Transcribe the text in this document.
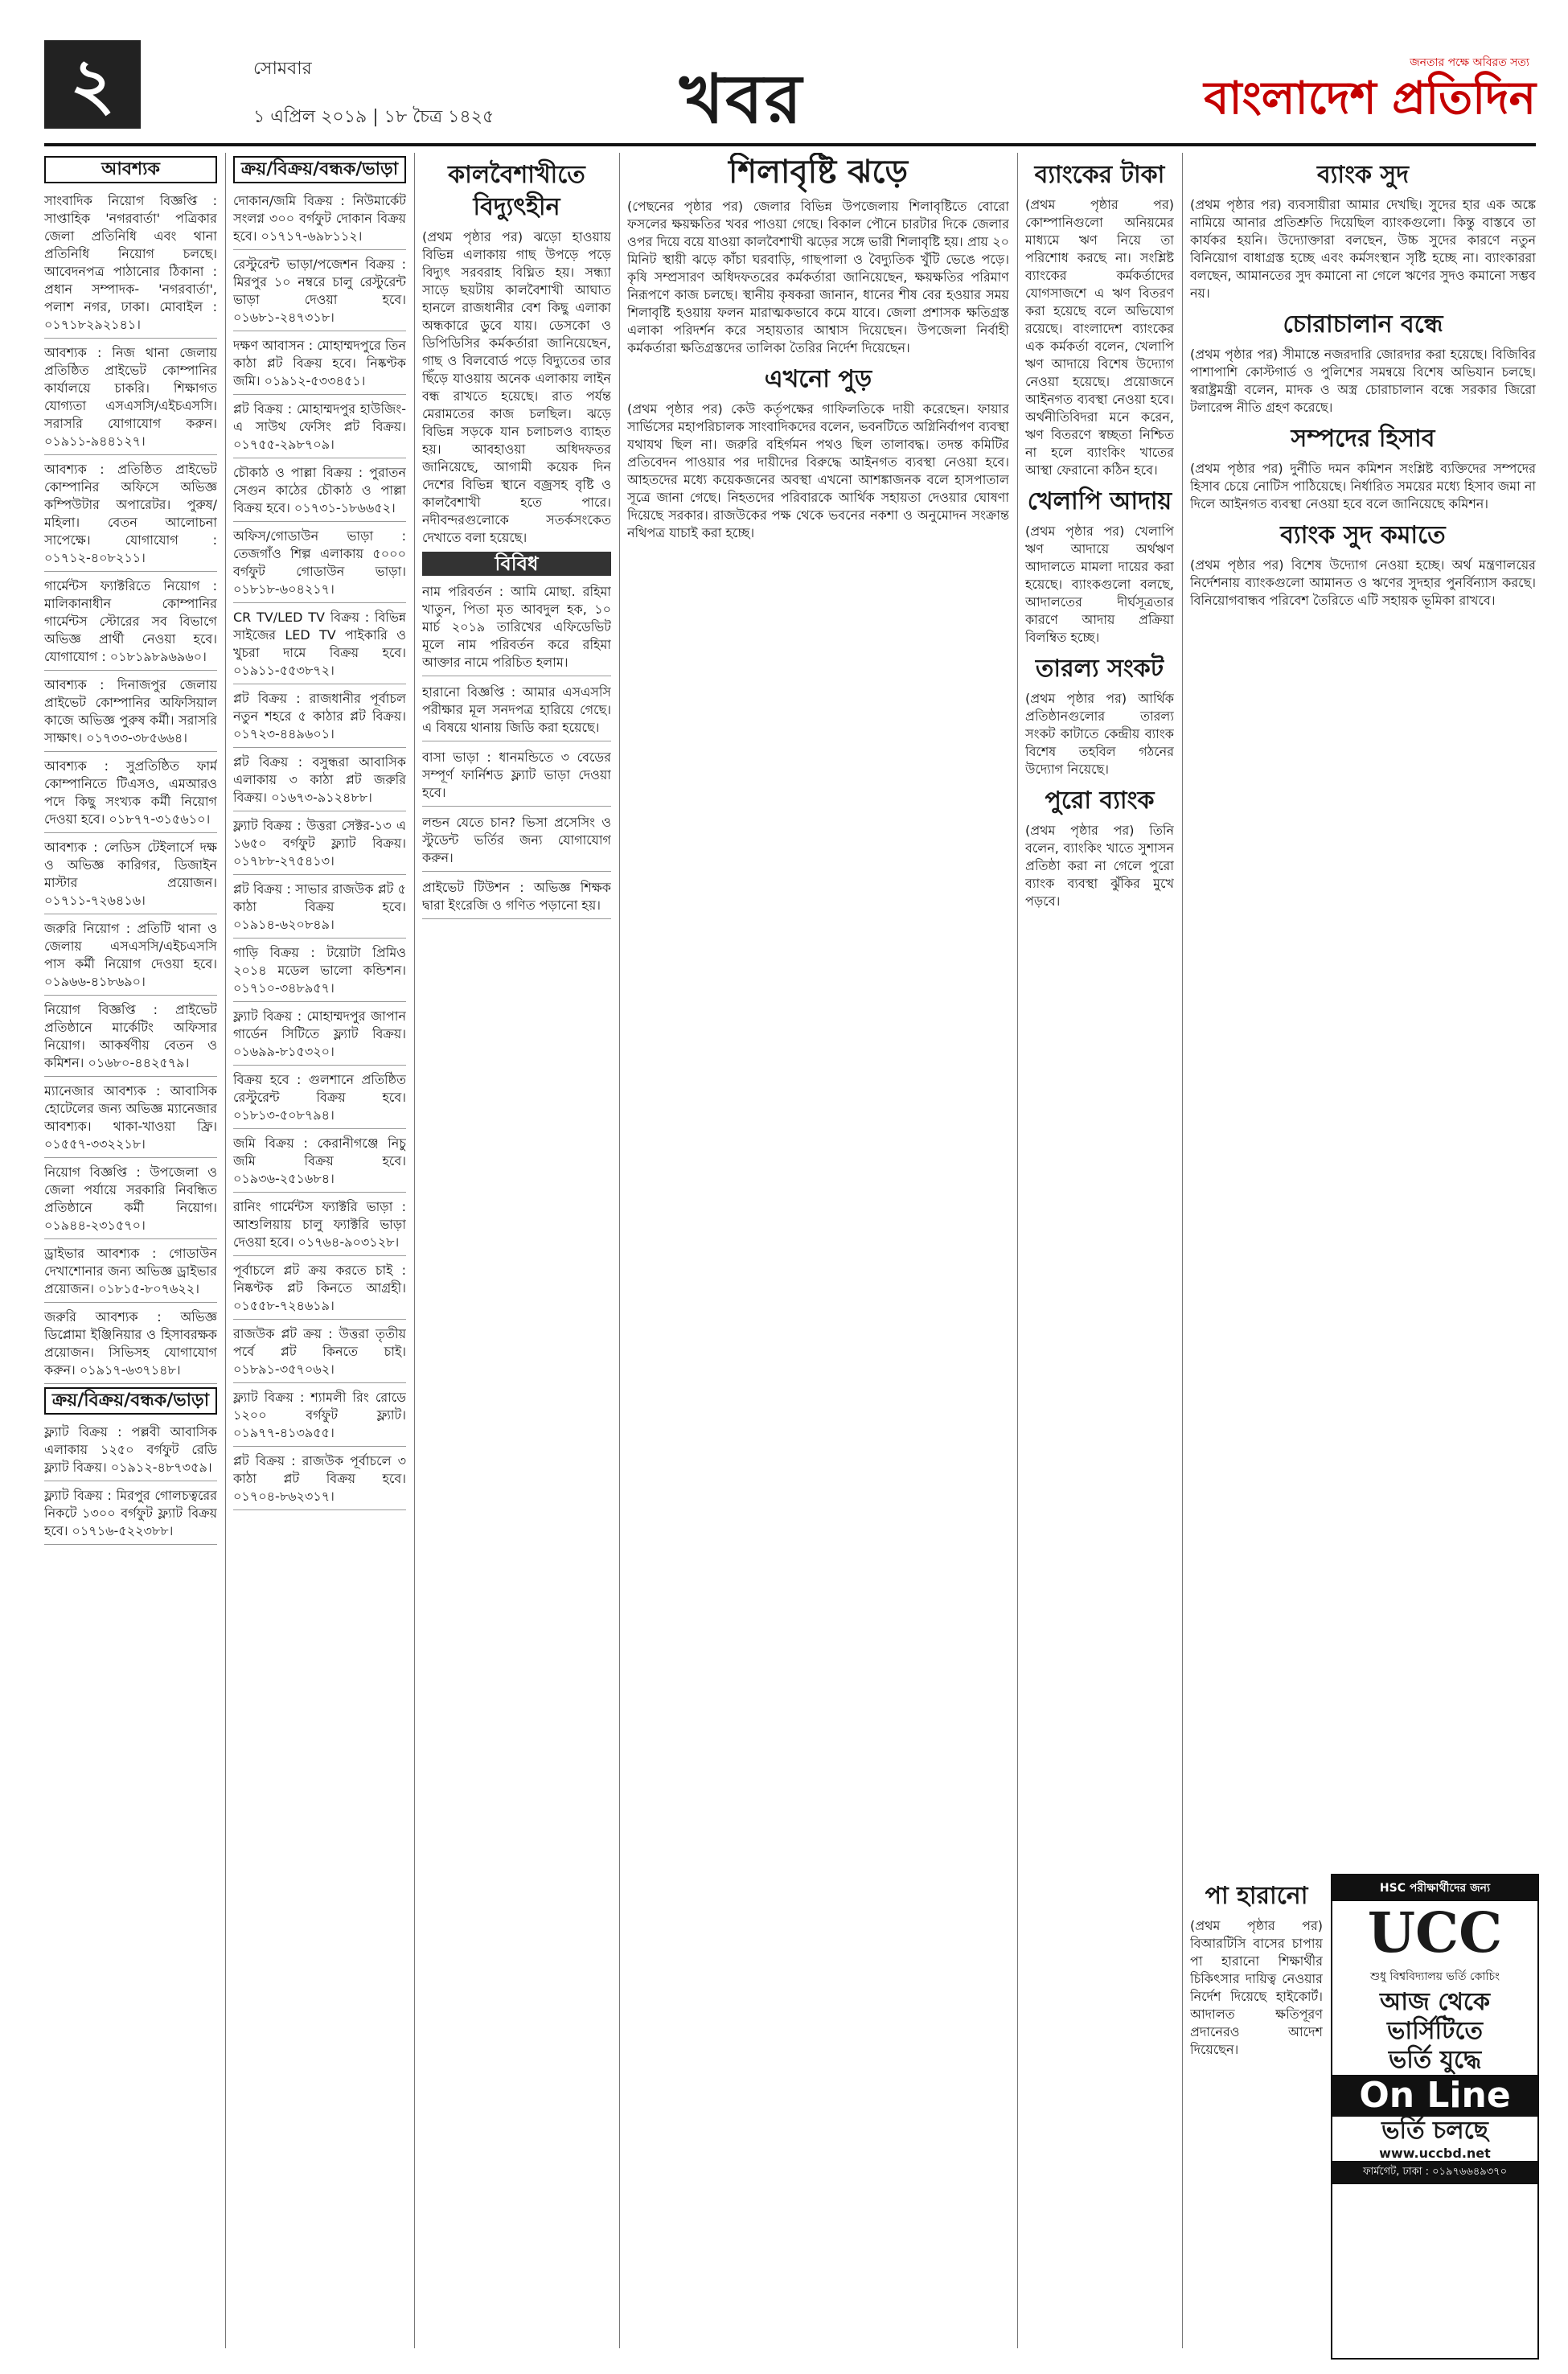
২	সোমবার
১ এপ্রিল ২০১৯ | ১৮ চৈত্র ১৪২৫	খবর	জনতার পক্ষে অবিরত সত্য
বাংলাদেশ প্রতিদিন
আবশ্যক
সাংবাদিক নিয়োগ বিজ্ঞপ্তি : সাপ্তাহিক 'নগরবার্তা' পত্রিকার জেলা প্রতিনিধি এবং থানা প্রতিনিধি নিয়োগ চলছে। আবেদনপত্র পাঠানোর ঠিকানা : প্রধান সম্পাদক- 'নগরবার্তা', পলাশ নগর, ঢাকা। মোবাইল : ০১৭১৮২৯২১৪১।
আবশ্যক : নিজ থানা জেলায় প্রতিষ্ঠিত প্রাইভেট কোম্পানির কার্যালয়ে চাকরি। শিক্ষাগত যোগ্যতা এসএসসি/এইচএসসি। সরাসরি যোগাযোগ করুন। ০১৯১১-৯৪৪১২৭।
আবশ্যক : প্রতিষ্ঠিত প্রাইভেট কোম্পানির অফিসে অভিজ্ঞ কম্পিউটার অপারেটর। পুরুষ/মহিলা। বেতন আলোচনা সাপেক্ষে। যোগাযোগ : ০১৭১২-৪০৮২১১।
গার্মেন্টস ফ্যাক্টরিতে নিয়োগ : মালিকানাধীন কোম্পানির গার্মেন্টস স্টোরের সব বিভাগে অভিজ্ঞ প্রার্থী নেওয়া হবে। যোগাযোগ : ০১৮১৯৮৯৬৯৬০।
আবশ্যক : দিনাজপুর জেলায় প্রাইভেট কোম্পানির অফিসিয়াল কাজে অভিজ্ঞ পুরুষ কর্মী। সরাসরি সাক্ষাৎ। ০১৭৩৩-৩৮৫৬৬৪।
আবশ্যক : সুপ্রতিষ্ঠিত ফার্ম কোম্পানিতে টিএসও, এমআরও পদে কিছু সংখ্যক কর্মী নিয়োগ দেওয়া হবে। ০১৮৭৭-৩১৫৬১০।
আবশ্যক : লেডিস টেইলার্সে দক্ষ ও অভিজ্ঞ কারিগর, ডিজাইন মাস্টার প্রয়োজন। ০১৭১১-৭২৬৪১৬।
জরুরি নিয়োগ : প্রতিটি থানা ও জেলায় এসএসসি/এইচএসসি পাস কর্মী নিয়োগ দেওয়া হবে। ০১৯৬৬-৪১৮৬৯০।
নিয়োগ বিজ্ঞপ্তি : প্রাইভেট প্রতিষ্ঠানে মার্কেটিং অফিসার নিয়োগ। আকর্ষণীয় বেতন ও কমিশন। ০১৬৮০-৪৪২৫৭৯।
ম্যানেজার আবশ্যক : আবাসিক হোটেলের জন্য অভিজ্ঞ ম্যানেজার আবশ্যক। থাকা-খাওয়া ফ্রি। ০১৫৫৭-৩৩২২১৮।
নিয়োগ বিজ্ঞপ্তি : উপজেলা ও জেলা পর্যায়ে সরকারি নিবন্ধিত প্রতিষ্ঠানে কর্মী নিয়োগ। ০১৯৪৪-২৩১৫৭০।
ড্রাইভার আবশ্যক : গোডাউন দেখাশোনার জন্য অভিজ্ঞ ড্রাইভার প্রয়োজন। ০১৮১৫-৮০৭৬২২।
জরুরি আবশ্যক : অভিজ্ঞ ডিপ্লোমা ইঞ্জিনিয়ার ও হিসাবরক্ষক প্রয়োজন। সিভিসহ যোগাযোগ করুন। ০১৯১৭-৬৩৭১৪৮।
ক্রয়/বিক্রয়/বন্ধক/ভাড়া
ফ্ল্যাট বিক্রয় : পল্লবী আবাসিক এলাকায় ১২৫০ বর্গফুট রেডি ফ্ল্যাট বিক্রয়। ০১৯১২-৪৮৭৩৫৯।
ফ্ল্যাট বিক্রয় : মিরপুর গোলচত্বরের নিকটে ১৩০০ বর্গফুট ফ্ল্যাট বিক্রয় হবে। ০১৭১৬-৫২২৩৮৮।
ক্রয়/বিক্রয়/বন্ধক/ভাড়া
দোকান/জমি বিক্রয় : নিউমার্কেট সংলগ্ন ৩০০ বর্গফুট দোকান বিক্রয় হবে। ০১৭১৭-৬৯৮১১২।
রেস্টুরেন্ট ভাড়া/পজেশন বিক্রয় : মিরপুর ১০ নম্বরে চালু রেস্টুরেন্ট ভাড়া দেওয়া হবে। ০১৬৮১-২৪৭৩১৮।
দক্ষণ আবাসন : মোহাম্মদপুরে তিন কাঠা প্লট বিক্রয় হবে। নিষ্কণ্টক জমি। ০১৯১২-৫৩৩৪৫১।
প্লট বিক্রয় : মোহাম্মদপুর হাউজিং-এ সাউথ ফেসিং প্লট বিক্রয়। ০১৭৫৫-২৯৮৭০৯।
চৌকাঠ ও পাল্লা বিক্রয় : পুরাতন সেগুন কাঠের চৌকাঠ ও পাল্লা বিক্রয় হবে। ০১৭৩১-১৮৬৬৫২।
অফিস/গোডাউন ভাড়া : তেজগাঁও শিল্প এলাকায় ৫০০০ বর্গফুট গোডাউন ভাড়া। ০১৮১৮-৬০৪২১৭।
CR TV/LED TV বিক্রয় : বিভিন্ন সাইজের LED TV পাইকারি ও খুচরা দামে বিক্রয় হবে। ০১৯১১-৫৫৩৮৭২।
প্লট বিক্রয় : রাজধানীর পূর্বাচল নতুন শহরে ৫ কাঠার প্লট বিক্রয়। ০১৭২৩-৪৪৯৬০১।
প্লট বিক্রয় : বসুন্ধরা আবাসিক এলাকায় ৩ কাঠা প্লট জরুরি বিক্রয়। ০১৬৭৩-৯১২৪৮৮।
ফ্ল্যাট বিক্রয় : উত্তরা সেক্টর-১৩ এ ১৬৫০ বর্গফুট ফ্ল্যাট বিক্রয়। ০১৭৮৮-২৭৫৪১৩।
প্লট বিক্রয় : সাভার রাজউক প্লট ৫ কাঠা বিক্রয় হবে। ০১৯১৪-৬২০৮৪৯।
গাড়ি বিক্রয় : টয়োটা প্রিমিও ২০১৪ মডেল ভালো কন্ডিশন। ০১৭১০-৩৪৮৯৫৭।
ফ্ল্যাট বিক্রয় : মোহাম্মদপুর জাপান গার্ডেন সিটিতে ফ্ল্যাট বিক্রয়। ০১৬৯৯-৮১৫৩২০।
বিক্রয় হবে : গুলশানে প্রতিষ্ঠিত রেস্টুরেন্ট বিক্রয় হবে। ০১৮১৩-৫০৮৭৯৪।
জমি বিক্রয় : কেরানীগঞ্জে নিচু জমি বিক্রয় হবে। ০১৯৩৬-২৫১৬৮৪।
রানিং গার্মেন্টস ফ্যাক্টরি ভাড়া : আশুলিয়ায় চালু ফ্যাক্টরি ভাড়া দেওয়া হবে। ০১৭৬৪-৯০৩১২৮।
পূর্বাচলে প্লট ক্রয় করতে চাই : নিষ্কণ্টক প্লট কিনতে আগ্রহী। ০১৫৫৮-৭২৪৬১৯।
রাজউক প্লট ক্রয় : উত্তরা তৃতীয় পর্বে প্লট কিনতে চাই। ০১৮৯১-৩৫৭০৬২।
ফ্ল্যাট বিক্রয় : শ্যামলী রিং রোডে ১২০০ বর্গফুট ফ্ল্যাট। ০১৯৭৭-৪১৩৯৫৫।
প্লট বিক্রয় : রাজউক পূর্বাচলে ৩ কাঠা প্লট বিক্রয় হবে। ০১৭০৪-৮৬২৩১৭।
কালবৈশাখীতে বিদ্যুৎহীন

(প্রথম পৃষ্ঠার পর) ঝড়ো হাওয়ায় বিভিন্ন এলাকায় গাছ উপড়ে পড়ে বিদ্যুৎ সরবরাহ বিঘ্নিত হয়। সন্ধ্যা সাড়ে ছয়টায় কালবৈশাখী আঘাত হানলে রাজধানীর বেশ কিছু এলাকা অন্ধকারে ডুবে যায়। ডেসকো ও ডিপিডিসির কর্মকর্তারা জানিয়েছেন, গাছ ও বিলবোর্ড পড়ে বিদ্যুতের তার ছিঁড়ে যাওয়ায় অনেক এলাকায় লাইন বন্ধ রাখতে হয়েছে। রাত পর্যন্ত মেরামতের কাজ চলছিল। ঝড়ে বিভিন্ন সড়কে যান চলাচলও ব্যাহত হয়। আবহাওয়া অধিদফতর জানিয়েছে, আগামী কয়েক দিন দেশের বিভিন্ন স্থানে বজ্রসহ বৃষ্টি ও কালবৈশাখী হতে পারে। নদীবন্দরগুলোকে সতর্কসংকেত দেখাতে বলা হয়েছে।

বিবিধ

নাম পরিবর্তন : আমি মোছা. রহিমা খাতুন, পিতা মৃত আবদুল হক, ১০ মার্চ ২০১৯ তারিখের এফিডেভিট মূলে নাম পরিবর্তন করে রহিমা আক্তার নামে পরিচিত হলাম।

হারানো বিজ্ঞপ্তি : আমার এসএসসি পরীক্ষার মূল সনদপত্র হারিয়ে গেছে। এ বিষয়ে থানায় জিডি করা হয়েছে।

বাসা ভাড়া : ধানমন্ডিতে ৩ বেডের সম্পূর্ণ ফার্নিশড ফ্ল্যাট ভাড়া দেওয়া হবে।

লন্ডন যেতে চান? ভিসা প্রসেসিং ও স্টুডেন্ট ভর্তির জন্য যোগাযোগ করুন।

প্রাইভেট টিউশন : অভিজ্ঞ শিক্ষক দ্বারা ইংরেজি ও গণিত পড়ানো হয়।

শিলাবৃষ্টি ঝড়ে

(পেছনের পৃষ্ঠার পর) জেলার বিভিন্ন উপজেলায় শিলাবৃষ্টিতে বোরো ফসলের ক্ষয়ক্ষতির খবর পাওয়া গেছে। বিকাল পৌনে চারটার দিকে জেলার ওপর দিয়ে বয়ে যাওয়া কালবৈশাখী ঝড়ের সঙ্গে ভারী শিলাবৃষ্টি হয়। প্রায় ২০ মিনিট স্থায়ী ঝড়ে কাঁচা ঘরবাড়ি, গাছপালা ও বৈদ্যুতিক খুঁটি ভেঙে পড়ে। কৃষি সম্প্রসারণ অধিদফতরের কর্মকর্তারা জানিয়েছেন, ক্ষয়ক্ষতির পরিমাণ নিরূপণে কাজ চলছে। স্থানীয় কৃষকরা জানান, ধানের শীষ বের হওয়ার সময় শিলাবৃষ্টি হওয়ায় ফলন মারাত্মকভাবে কমে যাবে। জেলা প্রশাসক ক্ষতিগ্রস্ত এলাকা পরিদর্শন করে সহায়তার আশ্বাস দিয়েছেন। উপজেলা নির্বাহী কর্মকর্তারা ক্ষতিগ্রস্তদের তালিকা তৈরির নির্দেশ দিয়েছেন।

এখনো পুড়

(প্রথম পৃষ্ঠার পর) কেউ কর্তৃপক্ষের গাফিলতিকে দায়ী করেছেন। ফায়ার সার্ভিসের মহাপরিচালক সাংবাদিকদের বলেন, ভবনটিতে অগ্নিনির্বাপণ ব্যবস্থা যথাযথ ছিল না। জরুরি বহির্গমন পথও ছিল তালাবদ্ধ। তদন্ত কমিটির প্রতিবেদন পাওয়ার পর দায়ীদের বিরুদ্ধে আইনগত ব্যবস্থা নেওয়া হবে। আহতদের মধ্যে কয়েকজনের অবস্থা এখনো আশঙ্কাজনক বলে হাসপাতাল সূত্রে জানা গেছে। নিহতদের পরিবারকে আর্থিক সহায়তা দেওয়ার ঘোষণা দিয়েছে সরকার। রাজউকের পক্ষ থেকে ভবনের নকশা ও অনুমোদন সংক্রান্ত নথিপত্র যাচাই করা হচ্ছে।

ব্যাংকের টাকা

(প্রথম পৃষ্ঠার পর) কোম্পানিগুলো অনিয়মের মাধ্যমে ঋণ নিয়ে তা পরিশোধ করছে না। সংশ্লিষ্ট ব্যাংকের কর্মকর্তাদের যোগসাজশে এ ঋণ বিতরণ করা হয়েছে বলে অভিযোগ রয়েছে। বাংলাদেশ ব্যাংকের এক কর্মকর্তা বলেন, খেলাপি ঋণ আদায়ে বিশেষ উদ্যোগ নেওয়া হয়েছে। প্রয়োজনে আইনগত ব্যবস্থা নেওয়া হবে। অর্থনীতিবিদরা মনে করেন, ঋণ বিতরণে স্বচ্ছতা নিশ্চিত না হলে ব্যাংকিং খাতের আস্থা ফেরানো কঠিন হবে।

খেলাপি আদায়

(প্রথম পৃষ্ঠার পর) খেলাপি ঋণ আদায়ে অর্থঋণ আদালতে মামলা দায়ের করা হয়েছে। ব্যাংকগুলো বলছে, আদালতের দীর্ঘসূত্রতার কারণে আদায় প্রক্রিয়া বিলম্বিত হচ্ছে।

তারল্য সংকট

(প্রথম পৃষ্ঠার পর) আর্থিক প্রতিষ্ঠানগুলোর তারল্য সংকট কাটাতে কেন্দ্রীয় ব্যাংক বিশেষ তহবিল গঠনের উদ্যোগ নিয়েছে।

পুরো ব্যাংক

(প্রথম পৃষ্ঠার পর) তিনি বলেন, ব্যাংকিং খাতে সুশাসন প্রতিষ্ঠা করা না গেলে পুরো ব্যাংক ব্যবস্থা ঝুঁকির মুখে পড়বে।

ব্যাংক সুদ

(প্রথম পৃষ্ঠার পর) ব্যবসায়ীরা আমার দেখছি। সুদের হার এক অঙ্কে নামিয়ে আনার প্রতিশ্রুতি দিয়েছিল ব্যাংকগুলো। কিন্তু বাস্তবে তা কার্যকর হয়নি। উদ্যোক্তারা বলছেন, উচ্চ সুদের কারণে নতুন বিনিয়োগ বাধাগ্রস্ত হচ্ছে এবং কর্মসংস্থান সৃষ্টি হচ্ছে না। ব্যাংকাররা বলছেন, আমানতের সুদ কমানো না গেলে ঋণের সুদও কমানো সম্ভব নয়।

চোরাচালান বন্ধে

(প্রথম পৃষ্ঠার পর) সীমান্তে নজরদারি জোরদার করা হয়েছে। বিজিবির পাশাপাশি কোস্টগার্ড ও পুলিশের সমন্বয়ে বিশেষ অভিযান চলছে। স্বরাষ্ট্রমন্ত্রী বলেন, মাদক ও অস্ত্র চোরাচালান বন্ধে সরকার জিরো টলারেন্স নীতি গ্রহণ করেছে।

সম্পদের হিসাব

(প্রথম পৃষ্ঠার পর) দুর্নীতি দমন কমিশন সংশ্লিষ্ট ব্যক্তিদের সম্পদের হিসাব চেয়ে নোটিস পাঠিয়েছে। নির্ধারিত সময়ের মধ্যে হিসাব জমা না দিলে আইনগত ব্যবস্থা নেওয়া হবে বলে জানিয়েছে কমিশন।

ব্যাংক সুদ কমাতে

(প্রথম পৃষ্ঠার পর) বিশেষ উদ্যোগ নেওয়া হচ্ছে। অর্থ মন্ত্রণালয়ের নির্দেশনায় ব্যাংকগুলো আমানত ও ঋণের সুদহার পুনর্বিন্যাস করছে। বিনিয়োগবান্ধব পরিবেশ তৈরিতে এটি সহায়ক ভূমিকা রাখবে।

পা হারানো

(প্রথম পৃষ্ঠার পর) বিআরটিসি বাসের চাপায় পা হারানো শিক্ষার্থীর চিকিৎসার দায়িত্ব নেওয়ার নির্দেশ দিয়েছে হাইকোর্ট। আদালত ক্ষতিপূরণ প্রদানেরও আদেশ দিয়েছেন।

HSC পরীক্ষার্থীদের জন্য
UCC
শুধু বিশ্ববিদ্যালয় ভর্তি কোচিং
আজ থেকে ভার্সিটিতে
ভর্তি যুদ্ধে
On Line
ভর্তি চলছে
www.uccbd.net
ফার্মগেট, ঢাকা : ০১৯৭৬৬৪৯৩৭০
